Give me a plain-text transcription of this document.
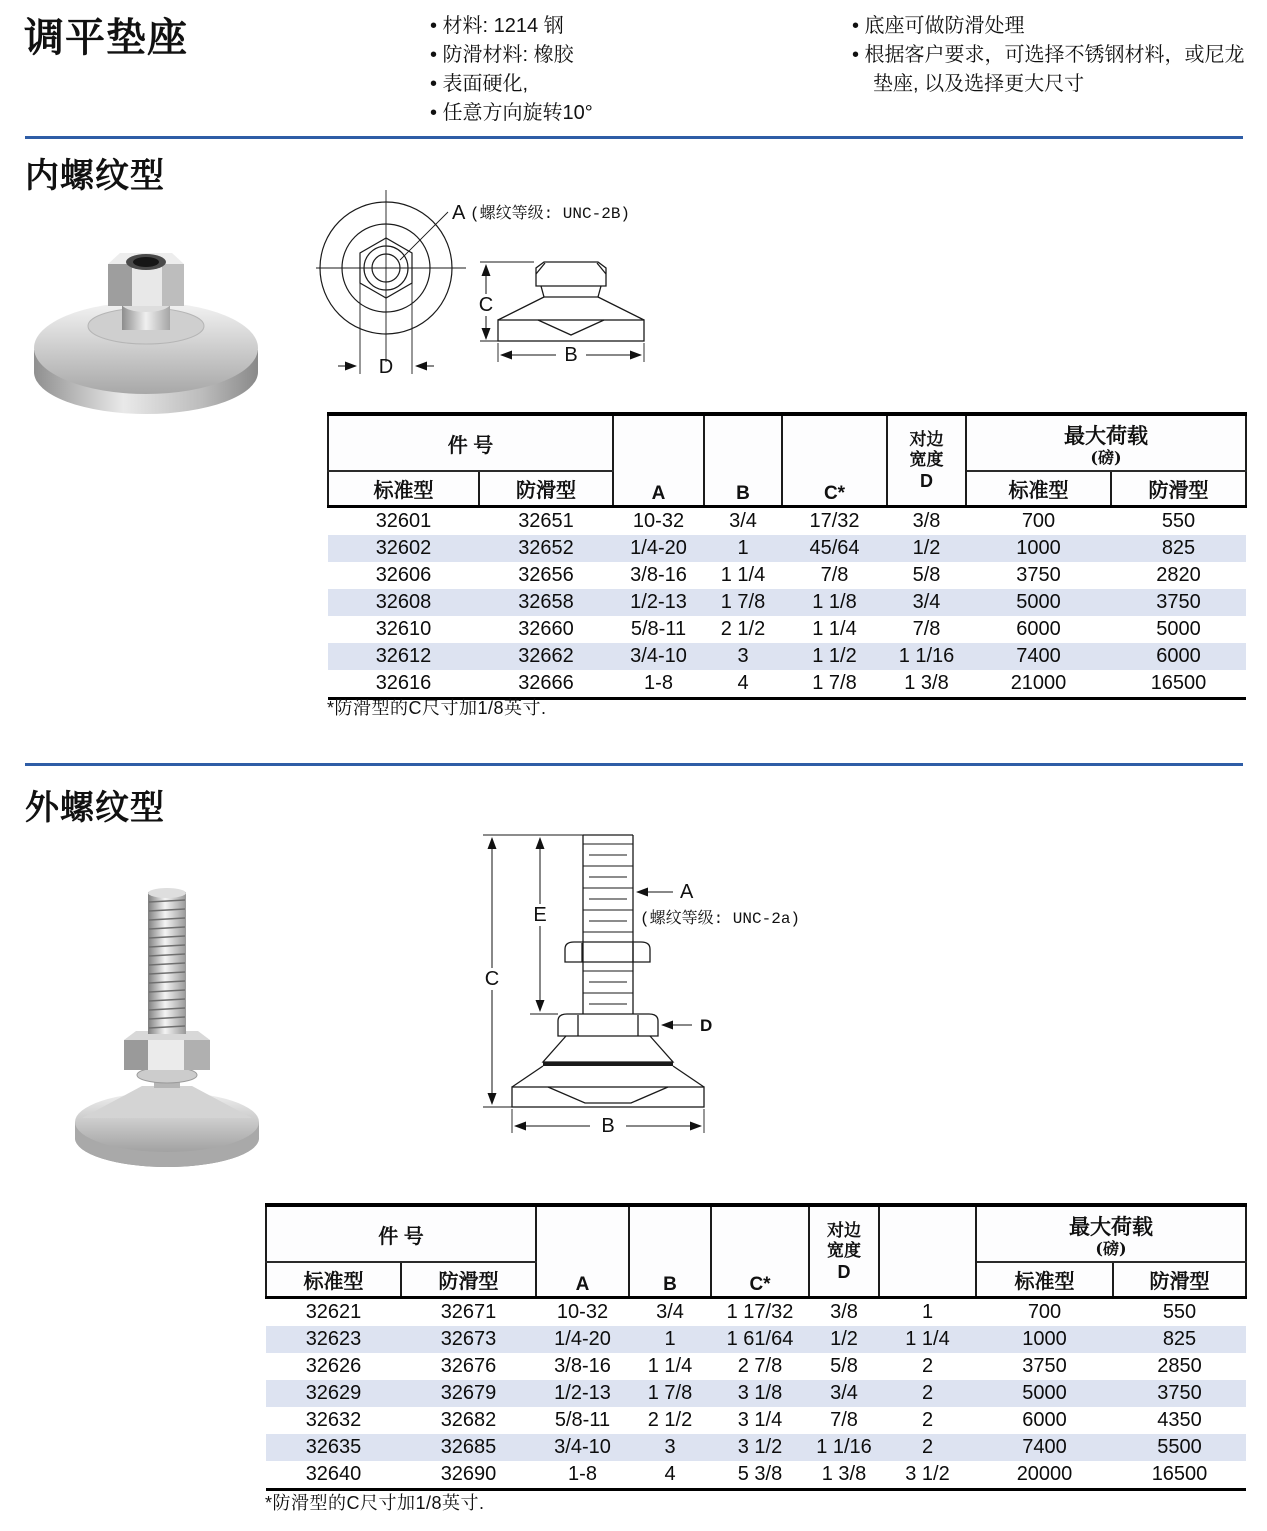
调平垫座	• 材料: 1214 钢
• 防滑材料: 橡胶
• 表面硬化,
• 任意方向旋转10°
• 底座可做防滑处理
• 根据客户要求，可选择不锈钢材料，或尼龙垫座, 以及选择更大尺寸
内螺纹型
D
A (螺纹等级: UNC-2B)
C
B
件 号	A	B	C*	
对边
宽度
D

最大荷载
(磅)

标准型	防滑型					标准型	防滑型
32601	32651	10-32	3/4	17/32	3/8	700	550
32602	32652	1/4-20	1	45/64	1/2	1000	825
32606	32656	3/8-16	1 1/4	7/8	5/8	3750	2820
32608	32658	1/2-13	1 7/8	1 1/8	3/4	5000	3750
32610	32660	5/8-11	2 1/2	1 1/4	7/8	6000	5000
32612	32662	3/4-10	3	1 1/2	1 1/16	7400	6000
32616	32666	1-8	4	1 7/8	1 3/8	21000	16500
*防滑型的C尺寸加1/8英寸.
外螺纹型
C
E
A
(螺纹等级: UNC-2a)
D
B
件 号	A	B	C*	
对边
宽度
D

最大荷载
(磅)

标准型	防滑型						标准型	防滑型
32621	32671	10-32	3/4	1 17/32	3/8	1	700	550
32623	32673	1/4-20	1	1 61/64	1/2	1 1/4	1000	825
32626	32676	3/8-16	1 1/4	2 7/8	5/8	2	3750	2850
32629	32679	1/2-13	1 7/8	3 1/8	3/4	2	5000	3750
32632	32682	5/8-11	2 1/2	3 1/4	7/8	2	6000	4350
32635	32685	3/4-10	3	3 1/2	1 1/16	2	7400	5500
32640	32690	1-8	4	5 3/8	1 3/8	3 1/2	20000	16500
*防滑型的C尺寸加1/8英寸.
